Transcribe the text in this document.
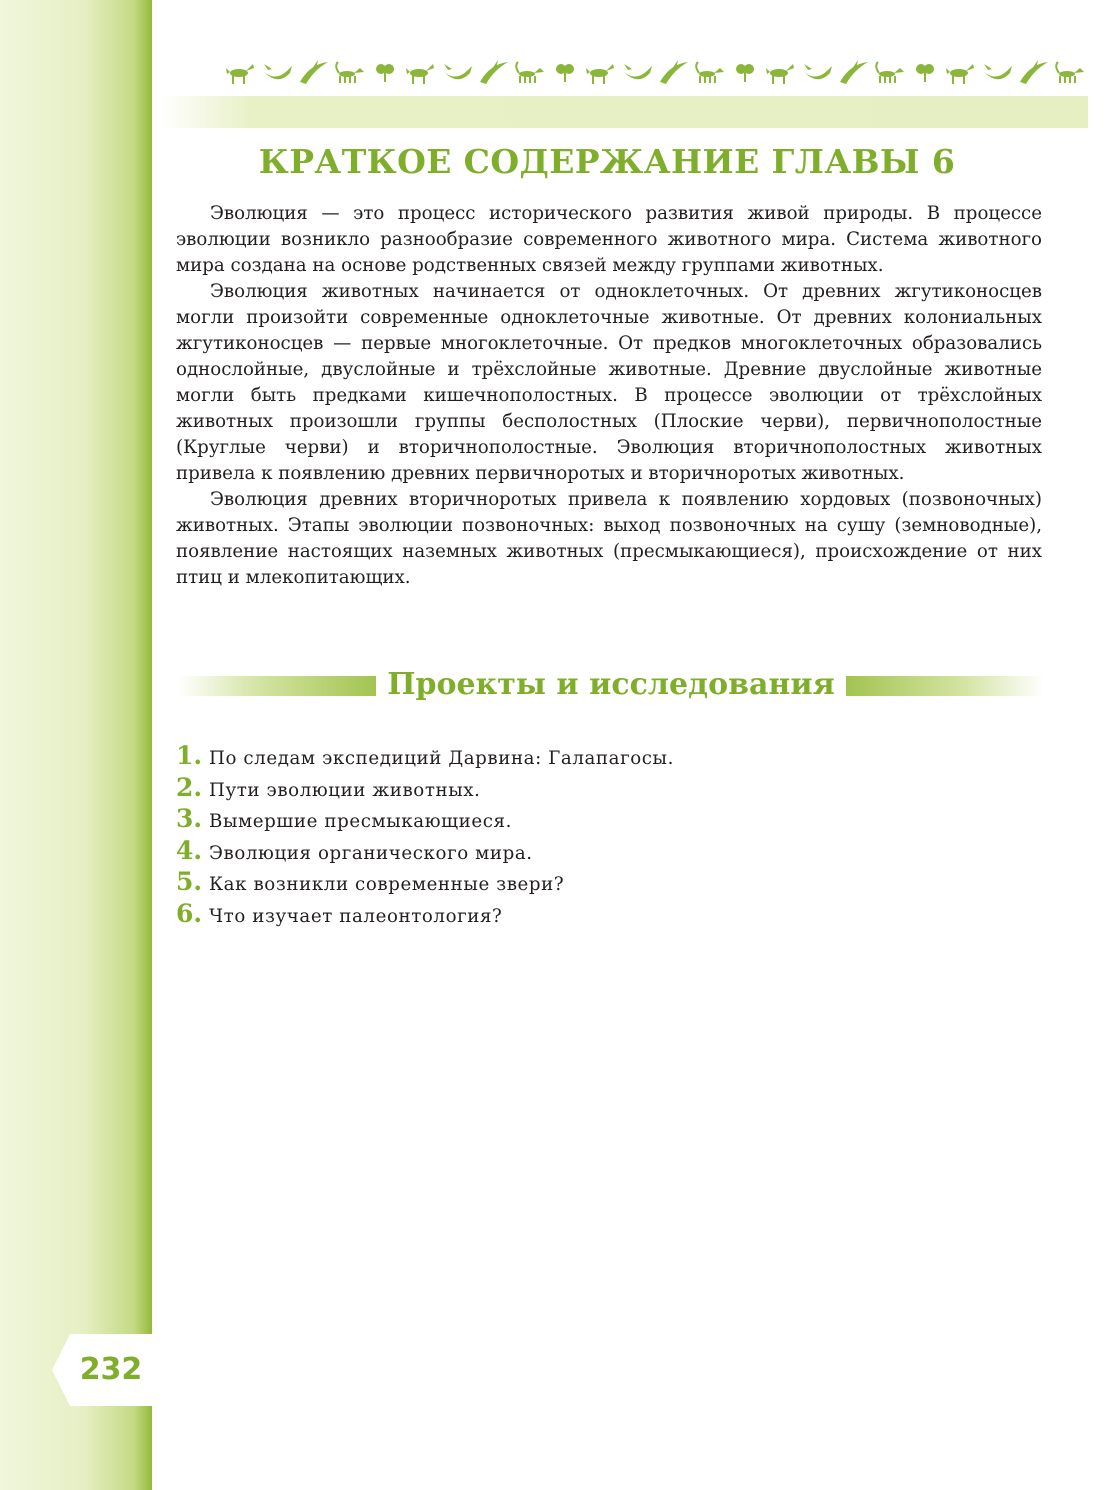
232
КРАТКОЕ СОДЕРЖАНИЕ ГЛАВЫ 6

Эволюция — это процесс исторического развития живой природы. В процессе эволюции возникло разнообразие современного животного мира. Система животного мира создана на основе родственных связей между группами животных.

Эволюция животных начинается от одноклеточных. От древних жгутиконосцев могли произойти современные одноклеточные животные. От древних колониальных жгутиконосцев — первые многоклеточные. От предков многоклеточных образовались однослойные, двуслойные и трёхслойные животные. Древние двуслойные животные могли быть предками кишечнополостных. В процессе эволюции от трёхслойных животных произошли группы бесполостных (Плоские черви), первичнополостные (Круглые черви) и вторичнополостные. Эволюция вторичнополостных животных привела к появлению древних первичноротых и вторичноротых животных.

Эволюция древних вторичноротых привела к появлению хордовых (позвоночных) животных. Этапы эволюции позвоночных: выход позвоночных на сушу (земноводные), появление настоящих наземных животных (пресмыкающиеся), происхождение от них птиц и млекопитающих.

Проекты и исследования
1. По следам экспедиций Дарвина: Галапагосы.
2. Пути эволюции животных.
3. Вымершие пресмыкающиеся.
4. Эволюция органического мира.
5. Как возникли современные звери?
6. Что изучает палеонтология?
